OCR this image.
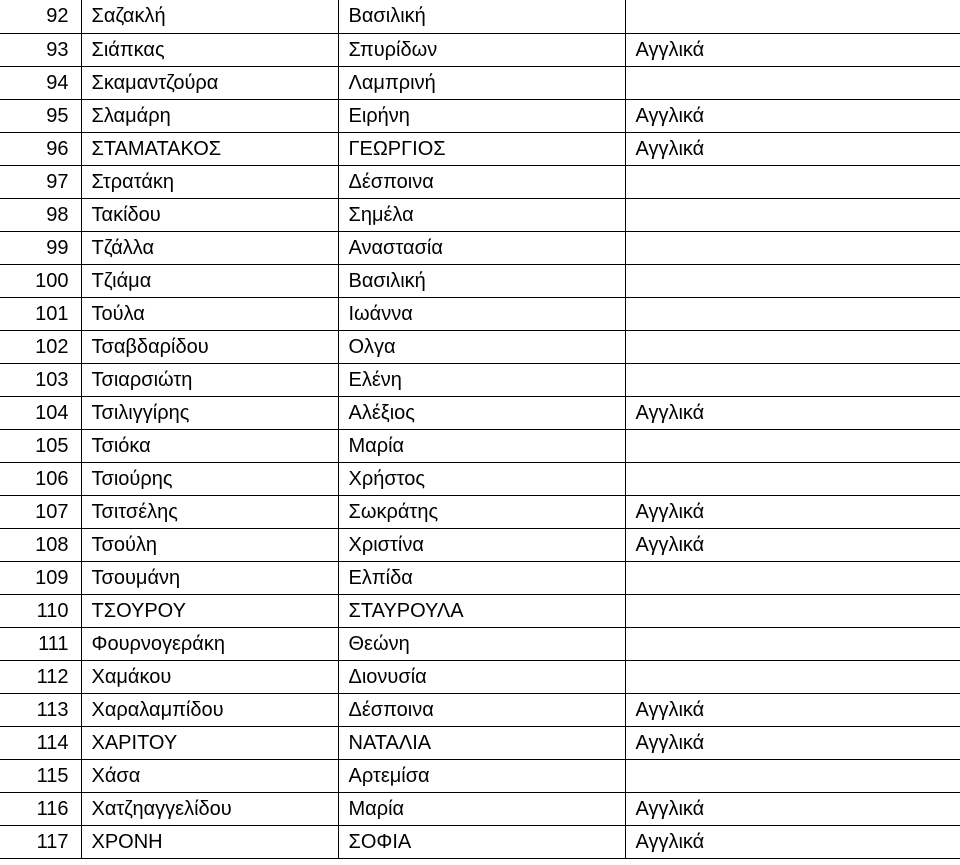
92	Σαζακλή	Βασιλική	
93	Σιάπκας	Σπυρίδων	Αγγλικά
94	Σκαμαντζούρα	Λαμπρινή	
95	Σλαμάρη	Ειρήνη	Αγγλικά
96	ΣΤΑΜΑΤΑΚΟΣ	ΓΕΩΡΓΙΟΣ	Αγγλικά
97	Στρατάκη	Δέσποινα	
98	Τακίδου	Σημέλα	
99	Τζάλλα	Αναστασία	
100	Τζιάμα	Βασιλική	
101	Τούλα	Ιωάννα	
102	Τσαβδαρίδου	Ολγα	
103	Τσιαρσιώτη	Ελένη	
104	Τσιλιγγίρης	Αλέξιος	Αγγλικά
105	Τσιόκα	Μαρία	
106	Τσιούρης	Χρήστος	
107	Τσιτσέλης	Σωκράτης	Αγγλικά
108	Τσούλη	Χριστίνα	Αγγλικά
109	Τσουμάνη	Ελπίδα	
110	ΤΣΟΥΡΟΥ	ΣΤΑΥΡΟΥΛΑ	
111	Φουρνογεράκη	Θεώνη	
112	Χαμάκου	Διονυσία	
113	Χαραλαμπίδου	Δέσποινα	Αγγλικά
114	ΧΑΡΙΤΟΥ	ΝΑΤΑΛΙΑ	Αγγλικά
115	Χάσα	Αρτεμίσα	
116	Χατζηαγγελίδου	Μαρία	Αγγλικά
117	ΧΡΟΝΗ	ΣΟΦΙΑ	Αγγλικά
